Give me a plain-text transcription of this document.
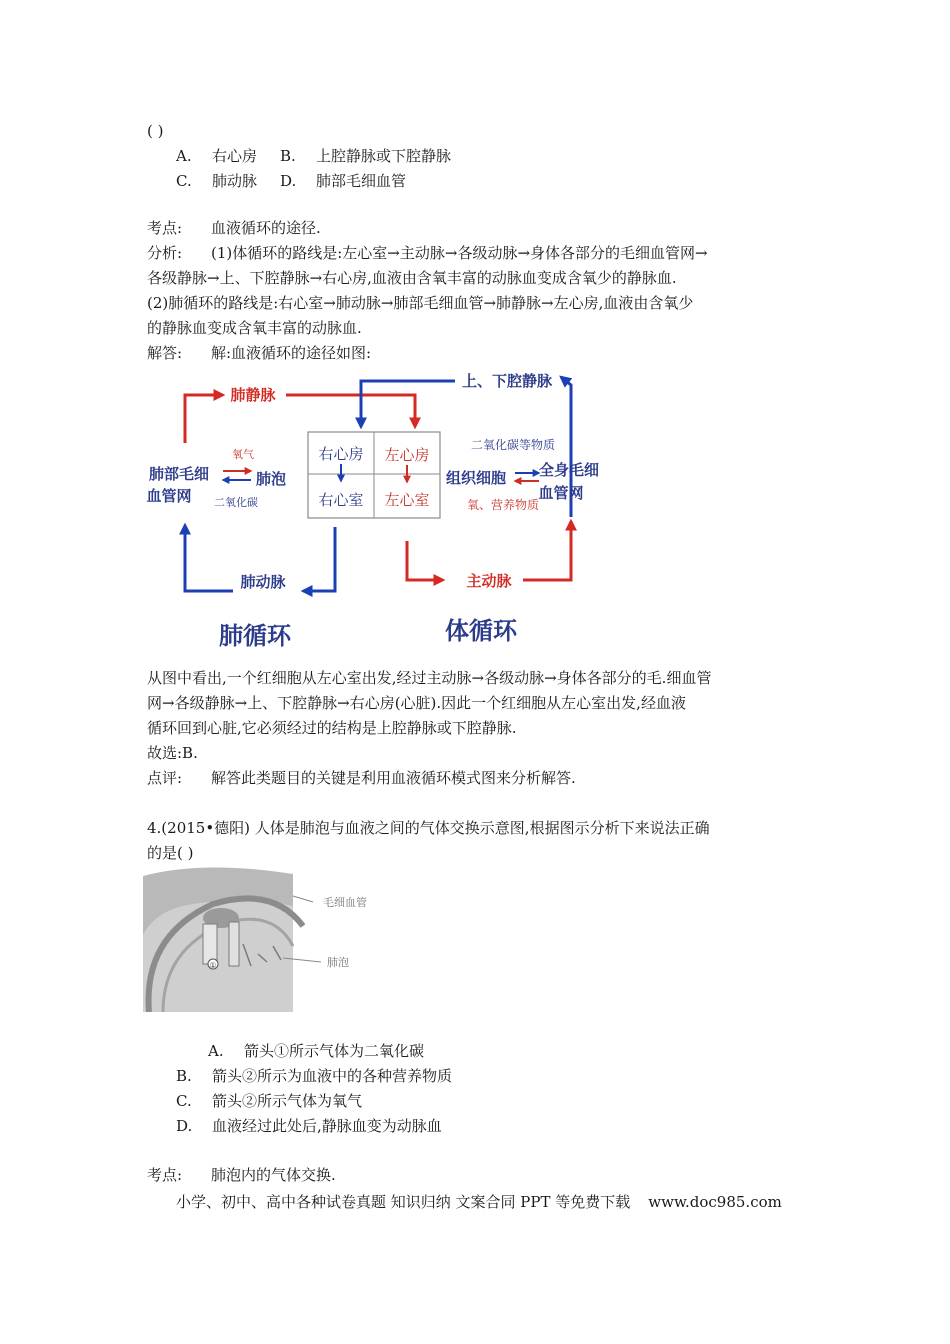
( )
A. 右心房 B. 上腔静脉或下腔静脉
C. 肺动脉 D. 肺部毛细血管
考点: 血液循环的途径.
分析: (1)体循环的路线是:左心室→主动脉→各级动脉→身体各部分的毛细血管网→
各级静脉→上、下腔静脉→右心房,血液由含氧丰富的动脉血变成含氧少的静脉血.
(2)肺循环的路线是:右心室→肺动脉→肺部毛细血管→肺静脉→左心房,血液由含氧少
的静脉血变成含氧丰富的动脉血.
解答: 解:血液循环的途径如图:
右心房 左心房
右心室 左心室
肺静脉
上、下腔静脉
肺部毛细
血管网
氧气
肺泡
二氧化碳
二氧化碳等物质
组织细胞 全身毛细
血管网
氧、营养物质
肺动脉	主动脉
肺循环	体循环
从图中看出,一个红细胞从左心室出发,经过主动脉→各级动脉→身体各部分的毛.细血管
网→各级静脉→上、下腔静脉→右心房(心脏).因此一个红细胞从左心室出发,经血液
循环回到心脏,它必须经过的结构是上腔静脉或下腔静脉.
故选:B.
点评: 解答此类题目的关键是利用血液循环模式图来分析解答.
4.(2015•德阳) 人体是肺泡与血液之间的气体交换示意图,根据图示分析下来说法正确
的是( )
①
毛细血管
肺泡
A. 箭头①所示气体为二氧化碳
B. 箭头②所示为血液中的各种营养物质
C. 箭头②所示气体为氧气
D. 血液经过此处后,静脉血变为动脉血
考点: 肺泡内的气体交换.
小学、初中、高中各种试卷真题 知识归纳 文案合同 PPT 等免费下载 www.doc985.com
